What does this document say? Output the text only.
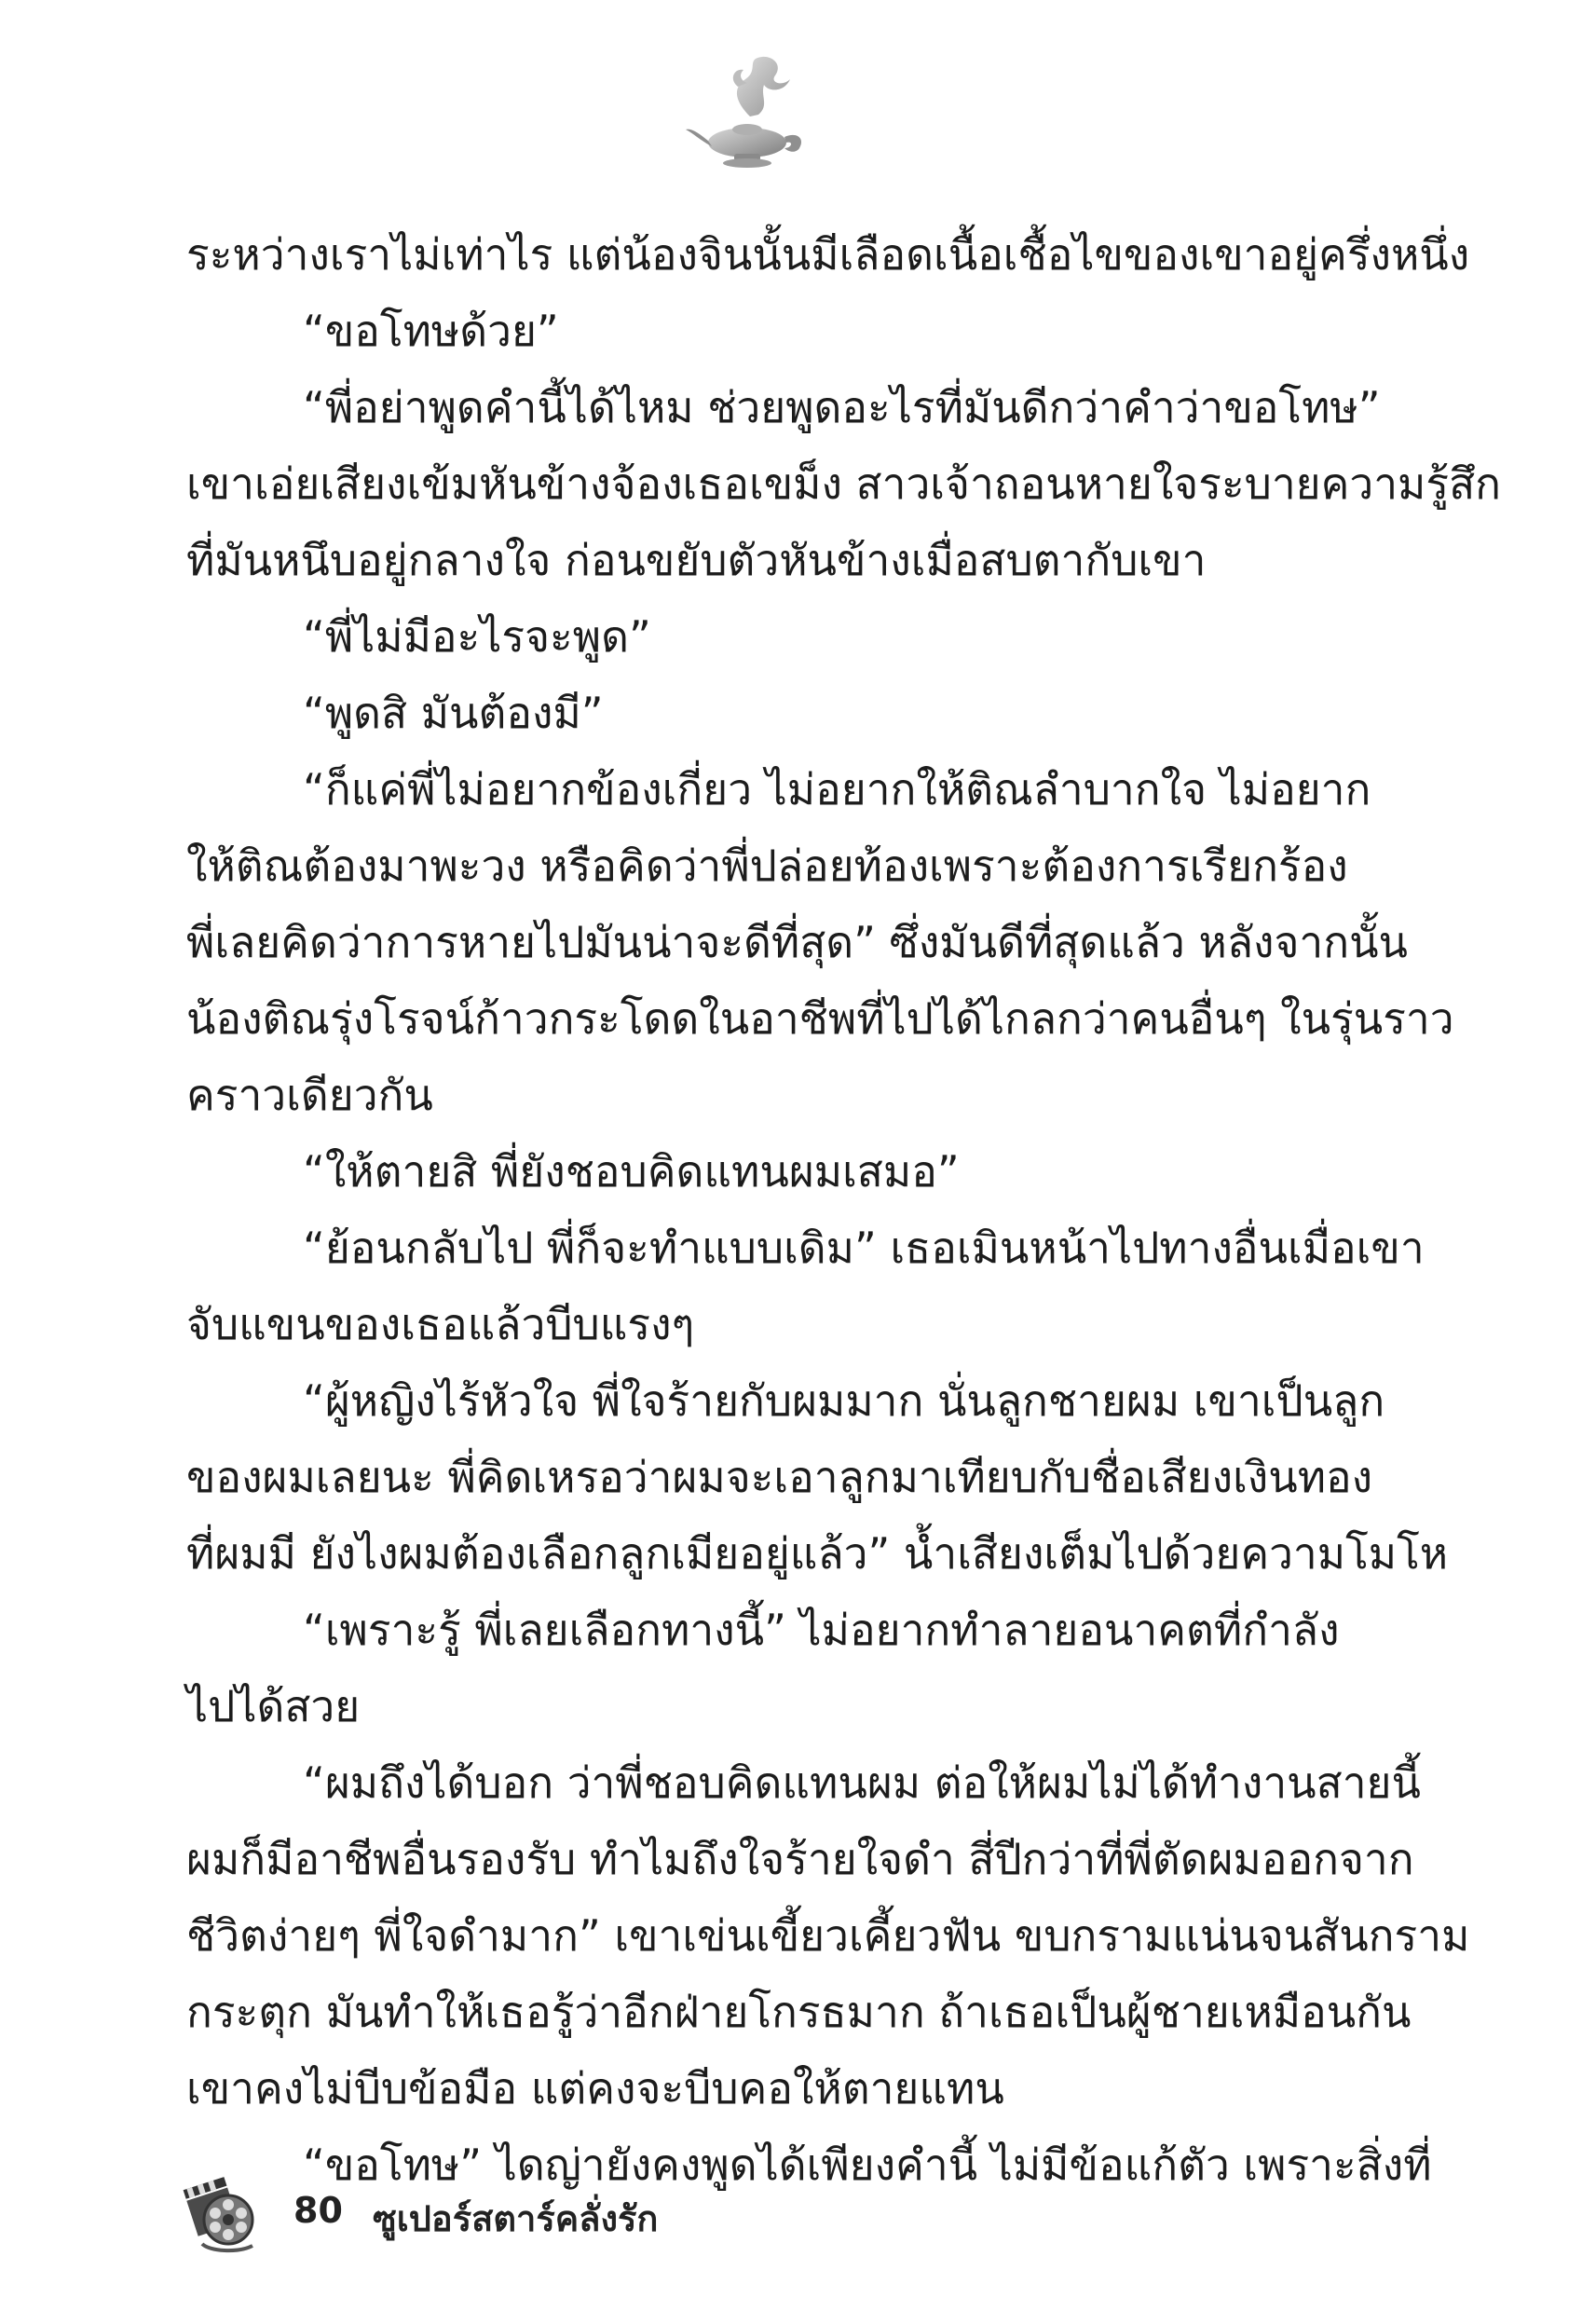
ระหว่างเราไม่เท่าไร แต่น้องจินนั้นมีเลือดเนื้อเชื้อไขของเขาอยู่ครึ่งหนึ่ง
“ขอโทษด้วย”
“พี่อย่าพูดคำนี้ได้ไหม ช่วยพูดอะไรที่มันดีกว่าคำว่าขอโทษ”
เขาเอ่ยเสียงเข้มหันข้างจ้องเธอเขม็ง สาวเจ้าถอนหายใจระบายความรู้สึก
ที่มันหนึบอยู่กลางใจ ก่อนขยับตัวหันข้างเมื่อสบตากับเขา
“พี่ไม่มีอะไรจะพูด”
“พูดสิ มันต้องมี”
“ก็แค่พี่ไม่อยากข้องเกี่ยว ไม่อยากให้ติณลำบากใจ ไม่อยาก
ให้ติณต้องมาพะวง หรือคิดว่าพี่ปล่อยท้องเพราะต้องการเรียกร้อง
พี่เลยคิดว่าการหายไปมันน่าจะดีที่สุด” ซึ่งมันดีที่สุดแล้ว หลังจากนั้น
น้องติณรุ่งโรจน์ก้าวกระโดดในอาชีพที่ไปได้ไกลกว่าคนอื่นๆ ในรุ่นราว
คราวเดียวกัน
“ให้ตายสิ พี่ยังชอบคิดแทนผมเสมอ”
“ย้อนกลับไป พี่ก็จะทำแบบเดิม” เธอเมินหน้าไปทางอื่นเมื่อเขา
จับแขนของเธอแล้วบีบแรงๆ
“ผู้หญิงไร้หัวใจ พี่ใจร้ายกับผมมาก นั่นลูกชายผม เขาเป็นลูก
ของผมเลยนะ พี่คิดเหรอว่าผมจะเอาลูกมาเทียบกับชื่อเสียงเงินทอง
ที่ผมมี ยังไงผมต้องเลือกลูกเมียอยู่แล้ว” น้ำเสียงเต็มไปด้วยความโมโห
“เพราะรู้ พี่เลยเลือกทางนี้” ไม่อยากทำลายอนาคตที่กำลัง
ไปได้สวย
“ผมถึงได้บอก ว่าพี่ชอบคิดแทนผม ต่อให้ผมไม่ได้ทำงานสายนี้
ผมก็มีอาชีพอื่นรองรับ ทำไมถึงใจร้ายใจดำ สี่ปีกว่าที่พี่ตัดผมออกจาก
ชีวิตง่ายๆ พี่ใจดำมาก” เขาเข่นเขี้ยวเคี้ยวฟัน ขบกรามแน่นจนสันกราม
กระตุก มันทำให้เธอรู้ว่าอีกฝ่ายโกรธมาก ถ้าเธอเป็นผู้ชายเหมือนกัน
เขาคงไม่บีบข้อมือ แต่คงจะบีบคอให้ตายแทน
“ขอโทษ” ไดญ่ายังคงพูดได้เพียงคำนี้ ไม่มีข้อแก้ตัว เพราะสิ่งที่
80 ซูเปอร์สตาร์คลั่งรัก
